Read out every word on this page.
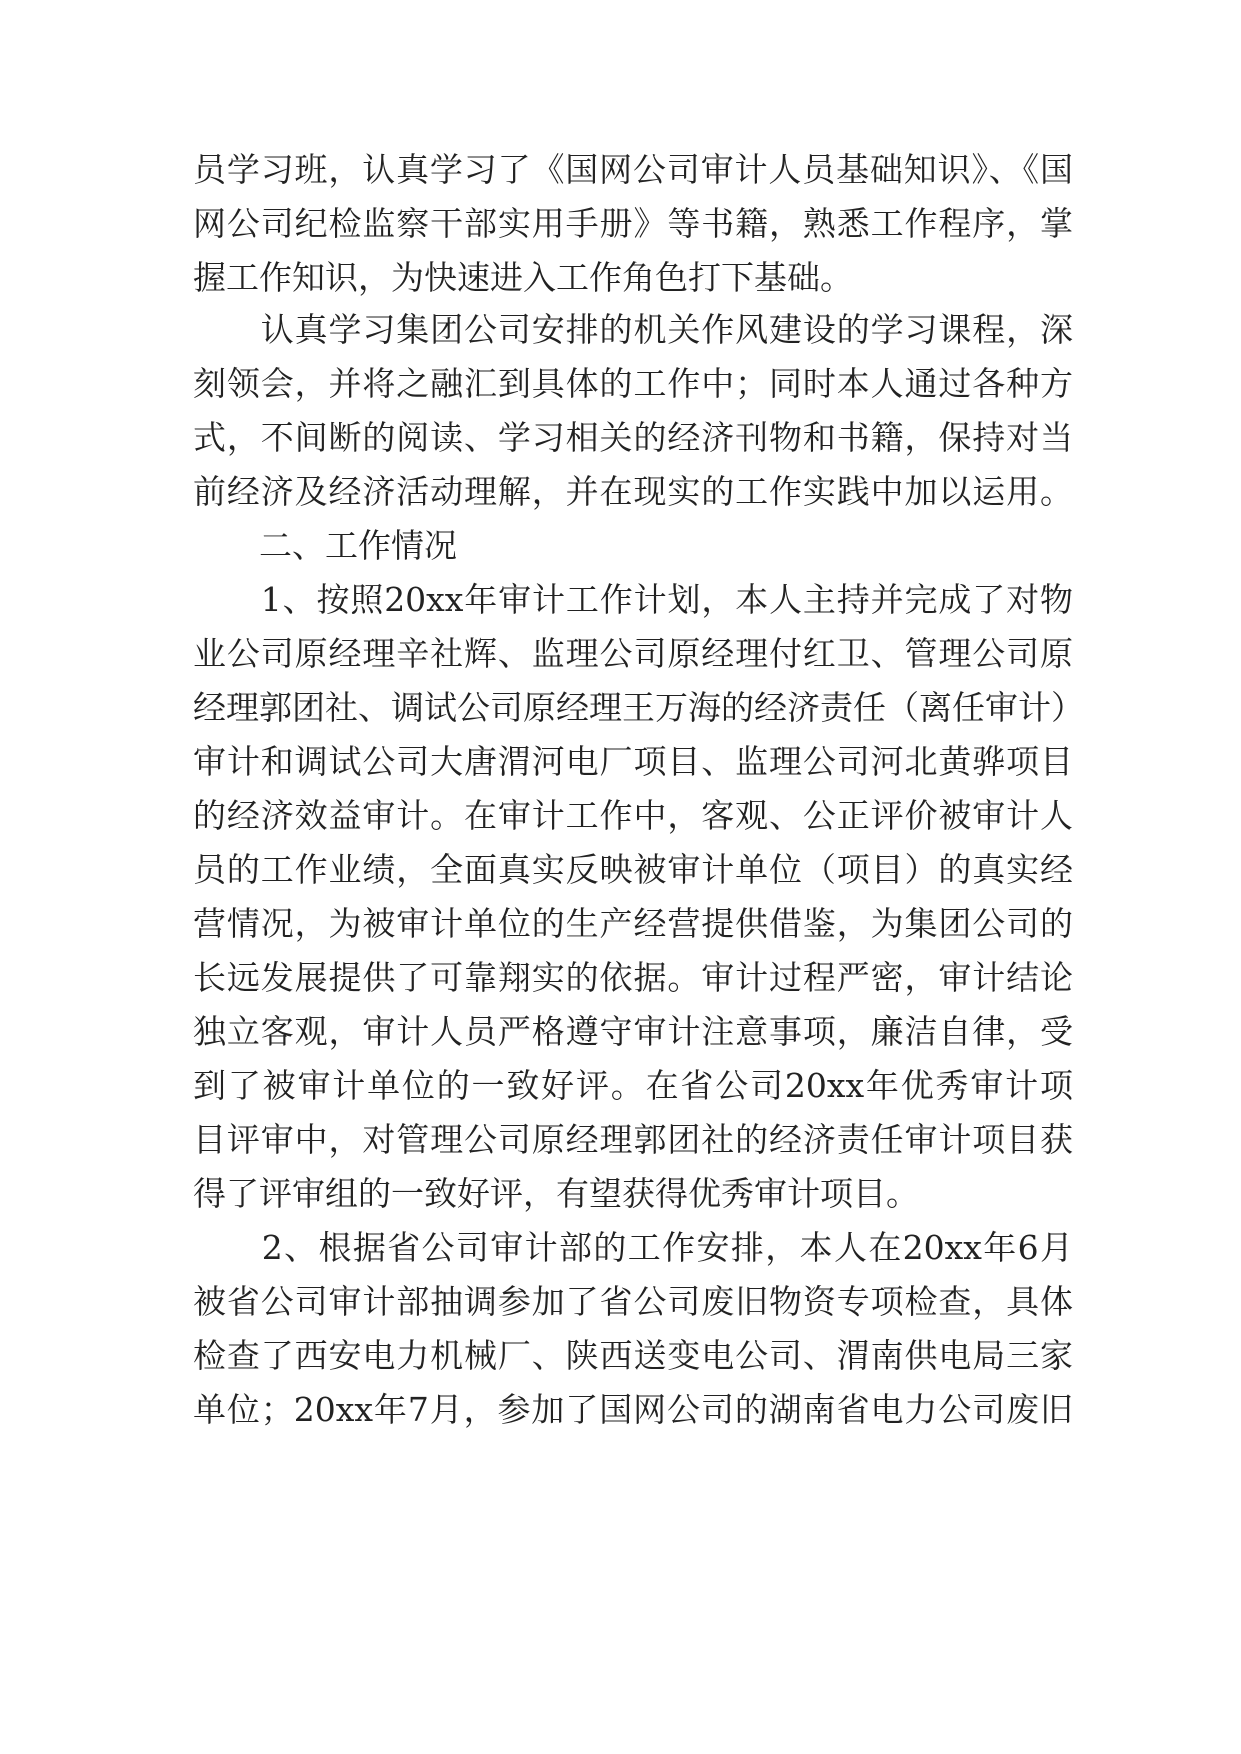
员学习班，认真学习了《国网公司审计人员基础知识》、《国
网公司纪检监察干部实用手册》等书籍，熟悉工作程序，掌
握工作知识，为快速进入工作角色打下基础。
　　认真学习集团公司安排的机关作风建设的学习课程，深
刻领会，并将之融汇到具体的工作中；同时本人通过各种方
式，不间断的阅读、学习相关的经济刊物和书籍，保持对当
前经济及经济活动理解，并在现实的工作实践中加以运用。
　　二、工作情况
　　1、按照20xx年审计工作计划，本人主持并完成了对物
业公司原经理辛社辉、监理公司原经理付红卫、管理公司原
经理郭团社、调试公司原经理王万海的经济责任（离任审计）
审计和调试公司大唐渭河电厂项目、监理公司河北黄骅项目
的经济效益审计。在审计工作中，客观、公正评价被审计人
员的工作业绩，全面真实反映被审计单位（项目）的真实经
营情况，为被审计单位的生产经营提供借鉴，为集团公司的
长远发展提供了可靠翔实的依据。审计过程严密，审计结论
独立客观，审计人员严格遵守审计注意事项，廉洁自律，受
到了被审计单位的一致好评。在省公司20xx年优秀审计项
目评审中，对管理公司原经理郭团社的经济责任审计项目获
得了评审组的一致好评，有望获得优秀审计项目。
　　2、根据省公司审计部的工作安排，本人在20xx年6月
被省公司审计部抽调参加了省公司废旧物资专项检查，具体
检查了西安电力机械厂、陕西送变电公司、渭南供电局三家
单位；20xx年7月，参加了国网公司的湖南省电力公司废旧
